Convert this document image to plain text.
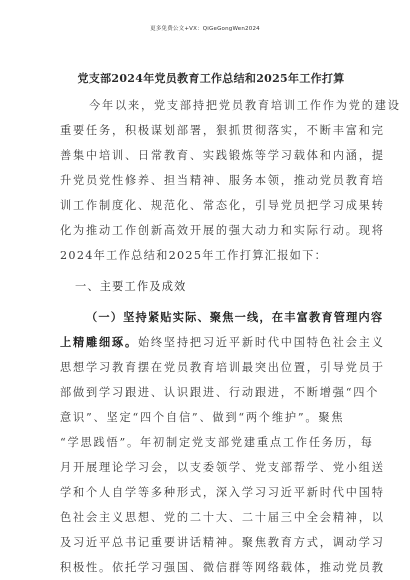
更多免费公文+VX：QiGeGongWen2024
党支部2024年党员教育工作总结和2025年工作打算
今年以来，党支部持把党员教育培训工作作为党的建设
重要任务，积极谋划部署，狠抓贯彻落实，不断丰富和完
善集中培训、日常教育、实践锻炼等学习载体和内涵，提
升党员党性修养、担当精神、服务本领，推动党员教育培
训工作制度化、规范化、常态化，引导党员把学习成果转
化为推动工作创新高效开展的强大动力和实际行动。现将
2024年工作总结和2025年工作打算汇报如下：
一、主要工作及成效
（一）坚持紧贴实际、聚焦一线，在丰富教育管理内容
上精雕细琢。始终坚持把习近平新时代中国特色社会主义
思想学习教育摆在党员教育培训最突出位置，引导党员于
部做到学习跟进、认识跟进、行动跟进，不断增强“四个
意识”、坚定“四个自信”、做到“两个维护”。聚焦
“学思践悟”。年初制定党支部党建重点工作任务历，每
月开展理论学习会，以支委领学、党支部帮学、党小组送
学和个人自学等多种形式，深入学习习近平新时代中国特
色社会主义思想、党的二十大、二十届三中全会精神，以
及习近平总书记重要讲话精神。聚焦教育方式，调动学习
积极性。依托学习强国、微信群等网络载体，推动党员教
